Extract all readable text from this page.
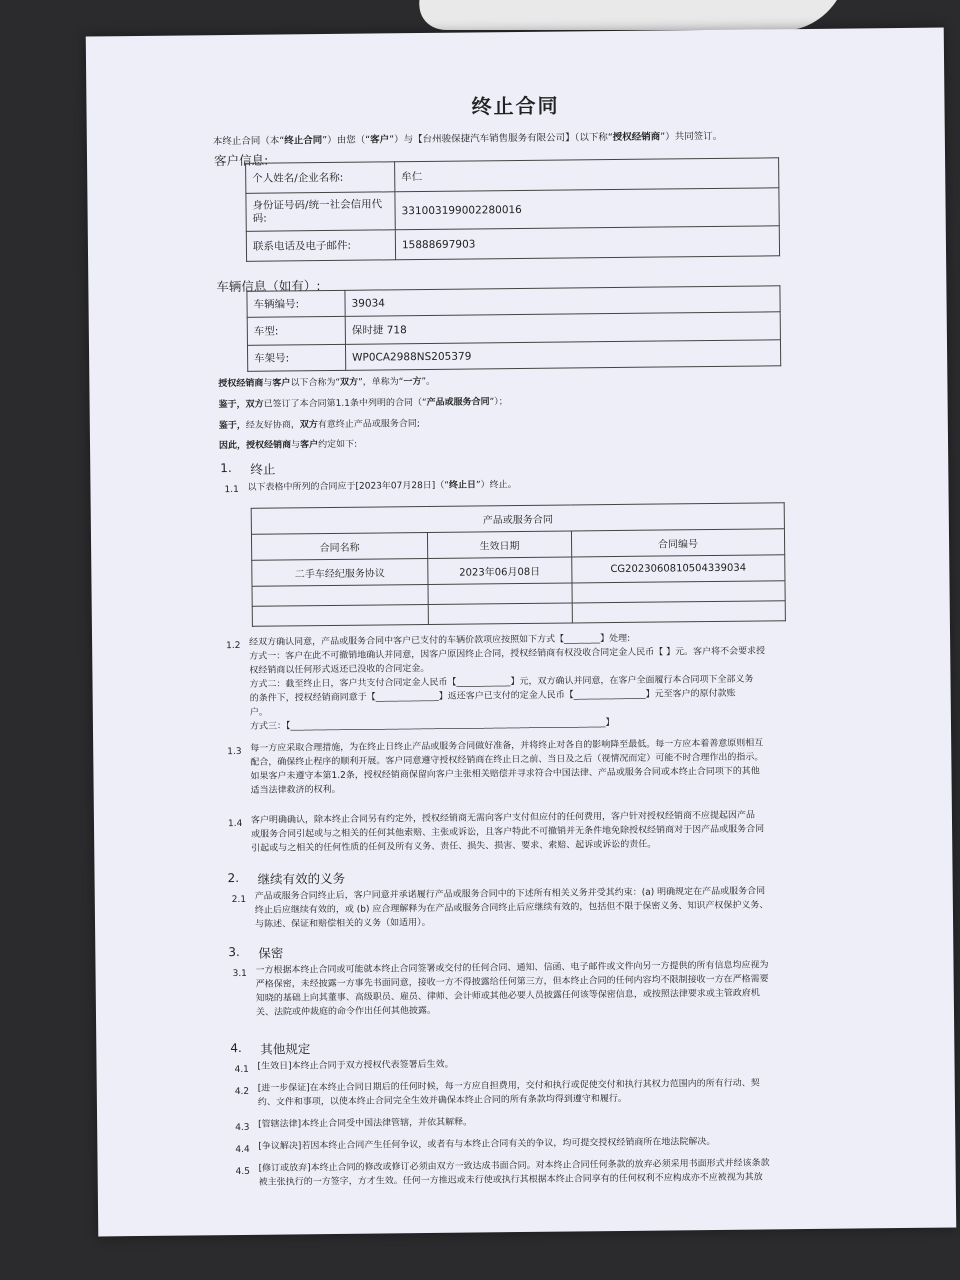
终止合同
本终止合同（本“终止合同”）由您（“客户”）与【台州骏保捷汽车销售服务有限公司】（以下称“授权经销商”）共同签订。
客户信息:
个人姓名/企业名称:	牟仁
身份证号码/统一社会信用代码:	331003199002280016
联系电话及电子邮件:	15888697903
车辆信息（如有）:
车辆编号:	39034
车型:	保时捷 718
车架号:	WP0CA2988NS205379
授权经销商与客户以下合称为“双方”，单称为“一方”。
鉴于，双方已签订了本合同第1.1条中列明的合同（“产品或服务合同”）；
鉴于，经友好协商，双方有意终止产品或服务合同;
因此，授权经销商与客户约定如下:
1. 终止
1.1 以下表格中所列的合同应于[2023年07月28日]（“终止日”）终止。
产品或服务合同		
合同名称	生效日期	合同编号
二手车经纪服务协议	2023年06月08日	CG2023060810504339034

1.2 经双方确认同意，产品或服务合同中客户已支付的车辆价款项应按照如下方式【________】处理:
方式一：客户在此不可撤销地确认并同意，因客户原因终止合同，授权经销商有权没收合同定金人民币【 】元。客户将不会要求授
权经销商以任何形式返还已没收的合同定金。
方式二：截至终止日，客户共支付合同定金人民币【____________】元，双方确认并同意，在客户全面履行本合同项下全部义务
的条件下，授权经销商同意于【______________】返还客户已支付的定金人民币【________________】元至客户的原付款账
户。
方式三：【______________________________________________________________________】
1.3 每一方应采取合理措施，为在终止日终止产品或服务合同做好准备，并将终止对各自的影响降至最低。每一方应本着善意原则相互
配合，确保终止程序的顺利开展。客户同意遵守授权经销商在终止日之前、当日及之后（视情况而定）可能不时合理作出的指示。
如果客户未遵守本第1.2条，授权经销商保留向客户主张相关赔偿并寻求符合中国法律、产品或服务合同或本终止合同项下的其他
适当法律救济的权利。
1.4 客户明确确认，除本终止合同另有约定外，授权经销商无需向客户支付但应付的任何费用，客户针对授权经销商不应提起因产品
或服务合同引起或与之相关的任何其他索赔、主张或诉讼，且客户特此不可撤销并无条件地免除授权经销商对于因产品或服务合同
引起或与之相关的任何性质的任何及所有义务、责任、损失、损害、要求、索赔、起诉或诉讼的责任。
2. 继续有效的义务
2.1 产品或服务合同终止后，客户同意并承诺履行产品或服务合同中的下述所有相关义务并受其约束：(a) 明确规定在产品或服务合同
终止后应继续有效的，或 (b) 应合理解释为在产品或服务合同终止后应继续有效的，包括但不限于保密义务、知识产权保护义务、
与陈述、保证和赔偿相关的义务（如适用）。
3. 保密
3.1 一方根据本终止合同或可能就本终止合同签署或交付的任何合同、通知、信函、电子邮件或文件向另一方提供的所有信息均应视为
严格保密，未经披露一方事先书面同意，接收一方不得披露给任何第三方，但本终止合同的任何内容均不限制接收一方在严格需要
知晓的基础上向其董事、高级职员、雇员、律师、会计师或其他必要人员披露任何该等保密信息，或按照法律要求或主管政府机
关、法院或仲裁庭的命令作出任何其他披露。
4. 其他规定
4.1 [生效日]本终止合同于双方授权代表签署后生效。
4.2 [进一步保证]在本终止合同日期后的任何时候，每一方应自担费用，交付和执行或促使交付和执行其权力范围内的所有行动、契
约、文件和事项，以使本终止合同完全生效并确保本终止合同的所有条款均得到遵守和履行。
4.3 [管辖法律]本终止合同受中国法律管辖，并依其解释。
4.4 [争议解决]若因本终止合同产生任何争议，或者有与本终止合同有关的争议，均可提交授权经销商所在地法院解决。
4.5 [修订或放弃]本终止合同的修改或修订必须由双方一致达成书面合同。对本终止合同任何条款的放弃必须采用书面形式并经该条款
被主张执行的一方签字，方才生效。任何一方推迟或未行使或执行其根据本终止合同享有的任何权利不应构成亦不应被视为其放
